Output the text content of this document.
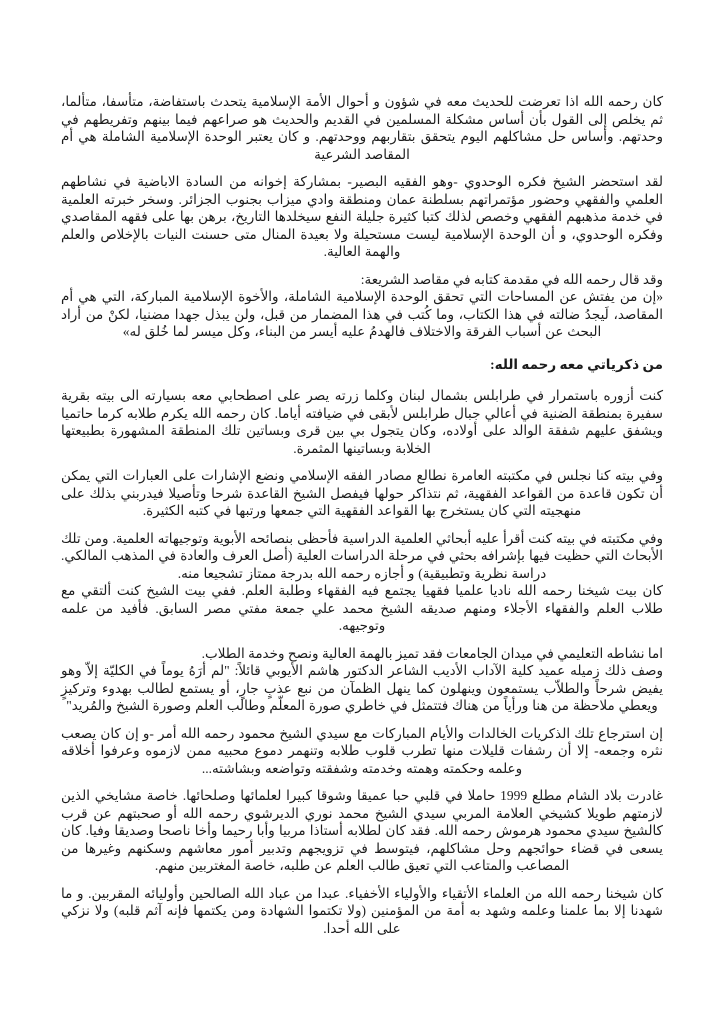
كان رحمه الله اذا تعرضت للحديث معه في شؤون و أحوال الأمة الإسلامية يتحدث باستفاضة، متأسفا، متألما، ثم يخلص إلى القول بأن أساس مشكلة المسلمين في القديم والحديث هو صراعهم فيما بينهم وتفريطهم في وحدتهم. وأساس حل مشاكلهم اليوم يتحقق بتقاربهم ووحدتهم. و كان يعتبر الوحدة الإسلامية الشاملة هي أم المقاصد الشرعية

لقد استحضر الشيخ فكره الوحدوي -وهو الفقيه البصير- بمشاركة إخوانه من السادة الاباضية في نشاطهم العلمي والفقهي وحضور مؤتمراتهم بسلطنة عمان ومنطقة وادي ميزاب بجنوب الجزائر. وسخر خبرته العلمية في خدمة مذهبهم الفقهي وخصص لذلك كتبا كثيرة جليلة النفع سيخلدها التاريخ، برهن بها على فقهه المقاصدي وفكره الوحدوي، و أن الوحدة الإسلامية ليست مستحيلة ولا بعيدة المنال متى حسنت النيات بالإخلاص والعلم والهمة العالية.

وقد قال رحمه الله في مقدمة كتابه في مقاصد الشريعة:

«إن من يفتش عن المساحات التي تحقق الوحدة الإسلامية الشاملة، والأخوة الإسلامية المباركة، التي هي أم المقاصد، لَيجدُ ضالته في هذا الكتاب، وما كُتب في هذا المضمار من قبل، ولن يبذل جهدا مضنيا، لكنْ من أراد البحث عن أسباب الفرقة والاختلاف فالهدمُ عليه أيسر من البناء، وكل ميسر لما خُلق له»

من ذكرياتي معه رحمه الله:

كنت أزوره باستمرار في طرابلس بشمال لبنان وكلما زرته يصر على اصطحابي معه بسيارته الى بيته بقرية سفيرة بمنطقة الضنية في أعالي جبال طرابلس لأبقى في ضيافته أياما. كان رحمه الله يكرم طلابه كرما حاتميا ويشفق عليهم شفقة الوالد على أولاده، وكان يتجول بي بين قرى وبساتين تلك المنطقة المشهورة بطبيعتها الخلابة وبساتينها المثمرة.

وفي بيته كنا نجلس في مكتبته العامرة نطالع مصادر الفقه الإسلامي ونضع الإشارات على العبارات التي يمكن أن تكون قاعدة من القواعد الفقهية، ثم نتذاكر حولها فيفصل الشيخ القاعدة شرحا وتأصيلا فيدربني بذلك على منهجيته التي كان يستخرج بها القواعد الفقهية التي جمعها ورتبها في كتبه الكثيرة.

وفي مكتبته في بيته كنت أقرأ عليه أبحاثي العلمية الدراسية فأحظى بنصائحه الأبوية وتوجيهاته العلمية. ومن تلك الأبحاث التي حظيت فيها بإشرافه بحثي في مرحلة الدراسات العلية (أصل العرف والعادة في المذهب المالكي. دراسة نظرية وتطبيقية) و أجازه رحمه الله بدرجة ممتاز تشجيعا منه.

كان بيت شيخنا رحمه الله ناديا علميا فقهيا يجتمع فيه الفقهاء وطلبة العلم. ففي بيت الشيخ كنت ألتقي مع طلاب العلم والفقهاء الأجلاء ومنهم صديقه الشيخ محمد علي جمعة مفتي مصر السابق. فأفيد من علمه وتوجيهه.

اما نشاطه التعليمي في ميدان الجامعات فقد تميز بالهمة العالية ونصح وخدمة الطلاب.

وصف ذلك زميله عميد كلية الآداب الأديب الشاعر الدكتور هاشم الأيوبي قائلاً: "لم أرَهُ يوماً في الكليّة إلاّ وهو يفيض شرحاً والطلاّب يستمعون وينهلون كما ينهل الظمآن من نبع عذبٍ جارٍ، أو يستمع لطالب بهدوء وتركيزٍ ويعطي ملاحظة من هنا ورأياً من هناك فتتمثل في خاطري صورة المعلّم وطالب العلم وصورة الشيخ والمُريد"

إن استرجاع تلك الذكريات الخالدات والأيام المباركات مع سيدي الشيخ محمود رحمه الله أمر -و إن كان يصعب نثره وجمعه- إلا أن رشفات قليلات منها تطرب قلوب طلابه وتنهمر دموع محبيه ممن لازموه وعرفوا أخلاقه وعلمه وحكمته وهمته وخدمته وشفقته وتواضعه وبشاشته...

غادرت بلاد الشام مطلع 1999 حاملا في قلبي حبا عميقا وشوقا كبيرا لعلمائها وصلحائها. خاصة مشايخي الذين لازمتهم طويلا كشيخي العلامة المربي سيدي الشيخ محمد نوري الديرشوي رحمه الله أو صحبتهم عن قرب كالشيخ سيدي محمود هرموش رحمه الله. فقد كان لطلابه أستاذا مربيا وأبا رحيما وأخا ناصحا وصديقا وفيا. كان يسعى في قضاء حوائجهم وحل مشاكلهم، فيتوسط في تزويجهم وتدبير أمور معاشهم وسكنهم وغيرها من المصاعب والمتاعب التي تعيق طالب العلم عن طلبه، خاصة المغتربين منهم.

كان شيخنا رحمه الله من العلماء الأتقياء والأولياء الأخفياء. عبدا من عباد الله الصالحين وأوليائه المقربين. و ما شهدنا إلا بما علمنا وعلمه وشهد به أمة من المؤمنين (ولا تكتموا الشهادة ومن يكتمها فإنه آثم قلبه) ولا نزكي على الله أحدا.
